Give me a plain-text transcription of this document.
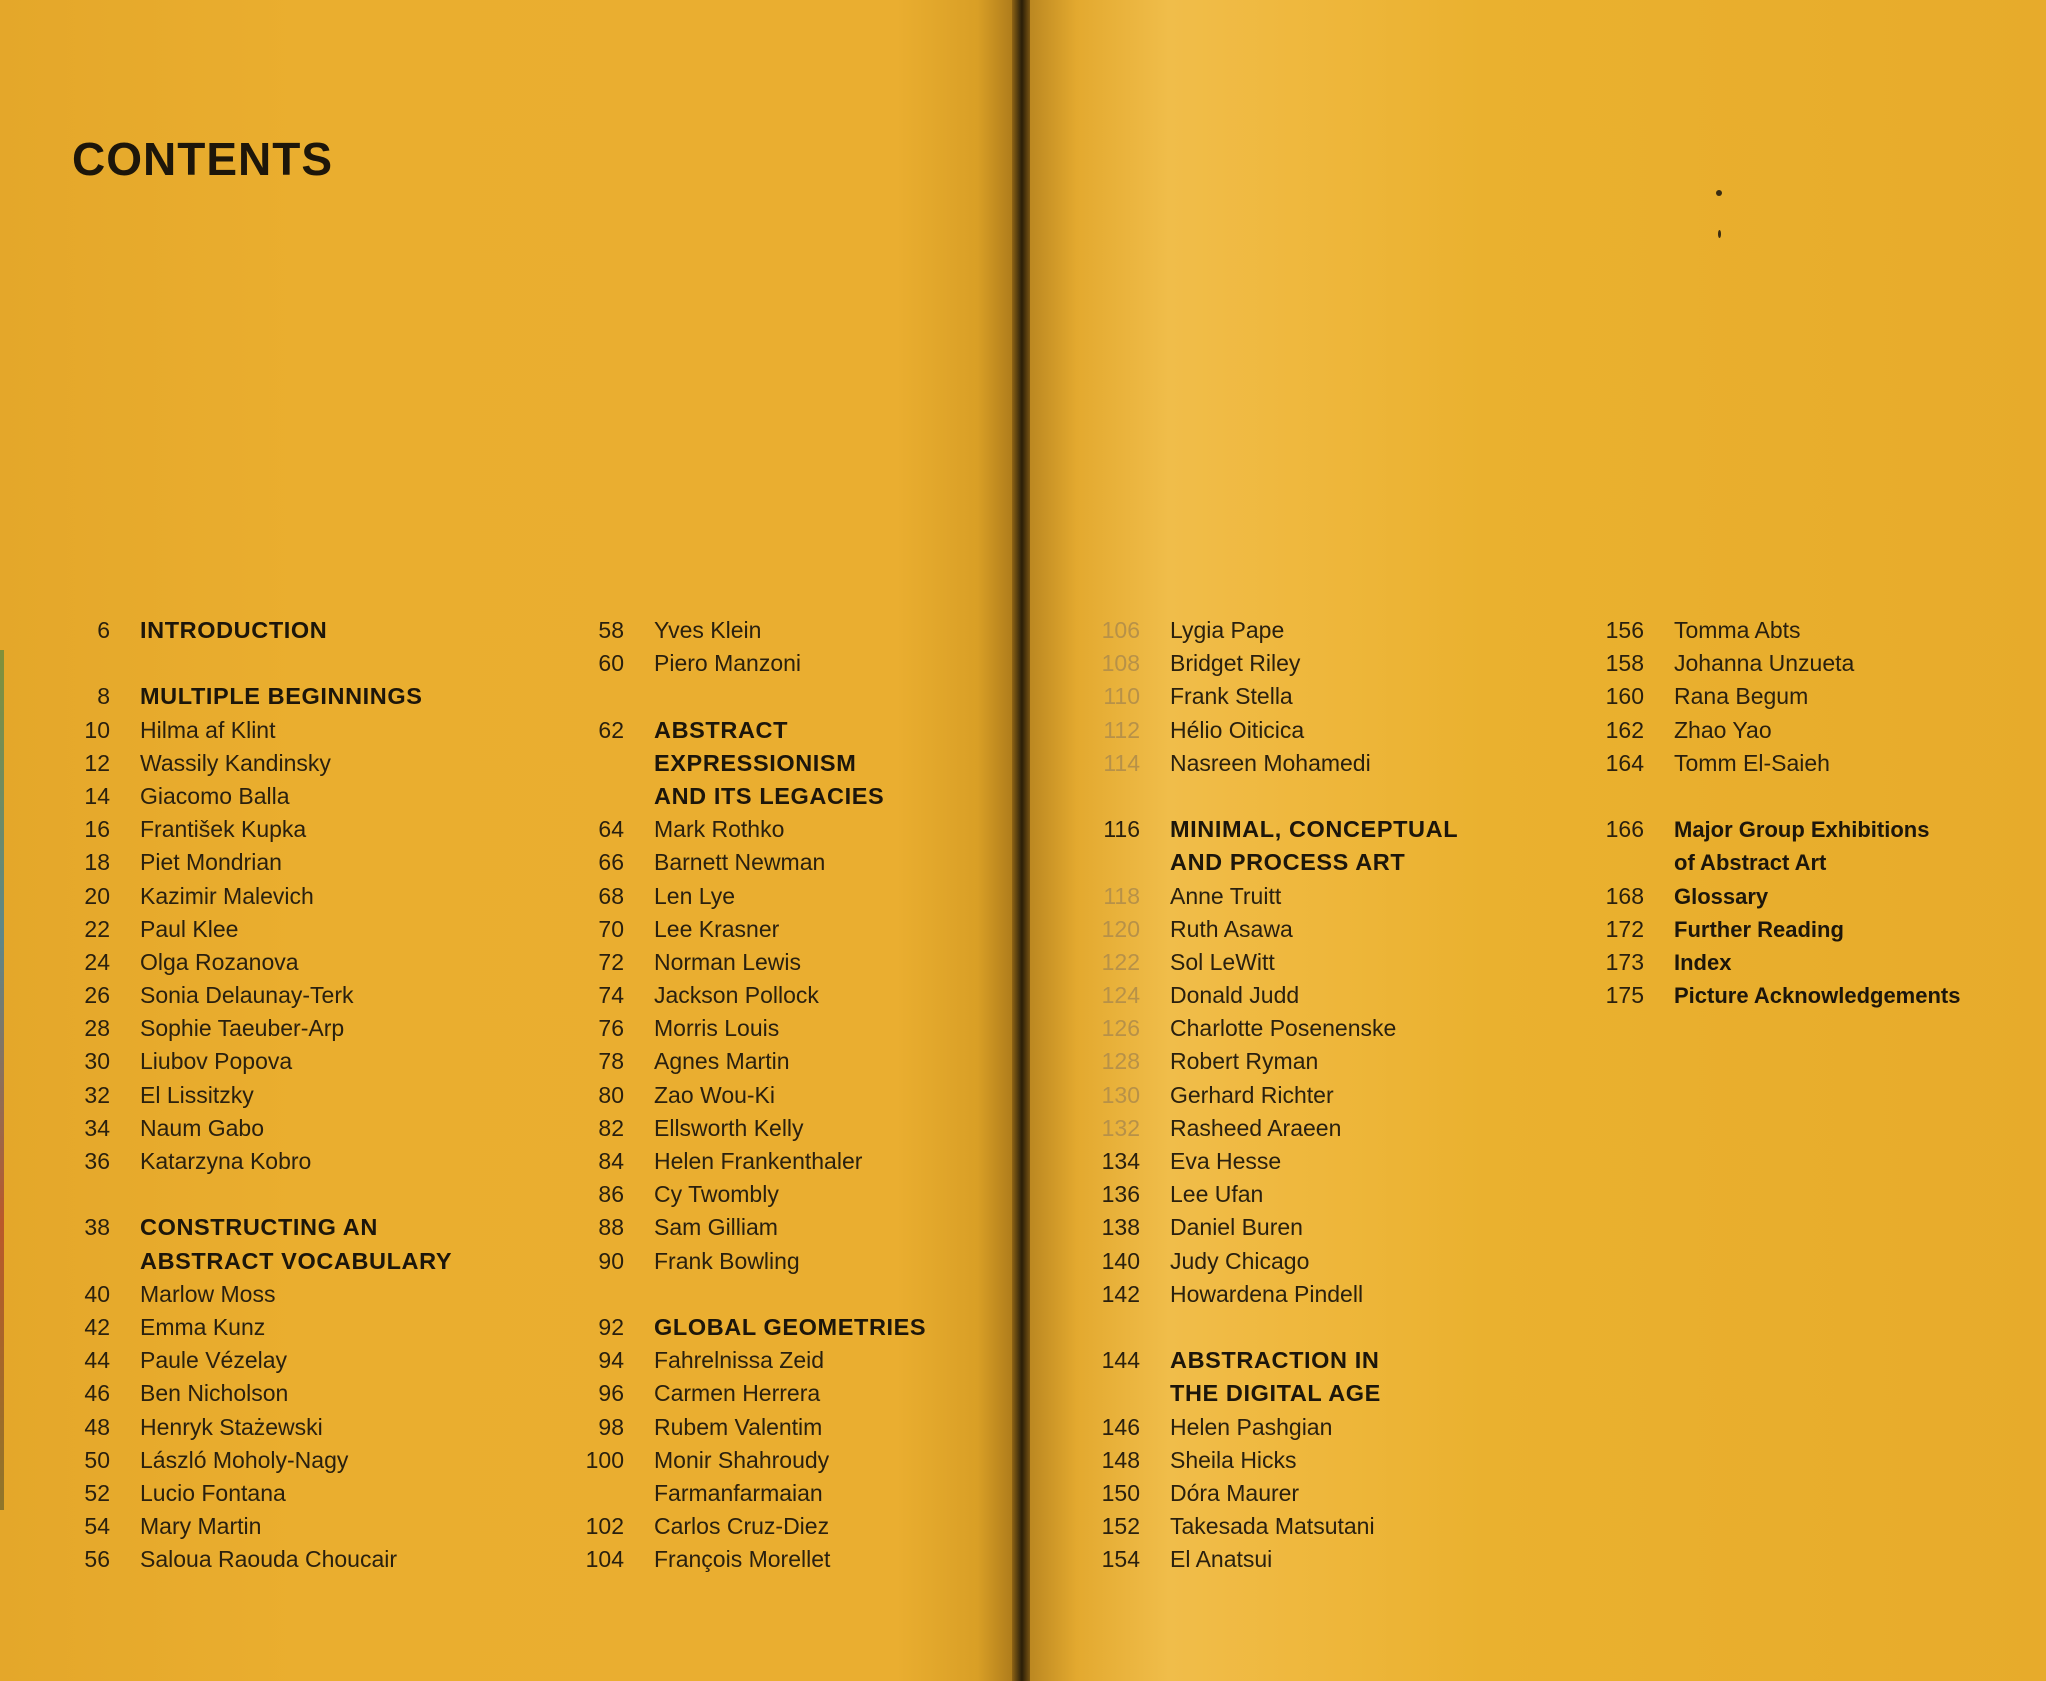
CONTENTS
6 INTRODUCTION
8 MULTIPLE BEGINNINGS
10 Hilma af Klint
12 Wassily Kandinsky
14 Giacomo Balla
16 František Kupka
18 Piet Mondrian
20 Kazimir Malevich
22 Paul Klee
24 Olga Rozanova
26 Sonia Delaunay-Terk
28 Sophie Taeuber-Arp
30 Liubov Popova
32 El Lissitzky
34 Naum Gabo
36 Katarzyna Kobro
38 CONSTRUCTING AN
ABSTRACT VOCABULARY
40 Marlow Moss
42 Emma Kunz
44 Paule Vézelay
46 Ben Nicholson
48 Henryk Stażewski
50 László Moholy-Nagy
52 Lucio Fontana
54 Mary Martin
56 Saloua Raouda Choucair
58 Yves Klein
60 Piero Manzoni
62 ABSTRACT
EXPRESSIONISM
AND ITS LEGACIES
64 Mark Rothko
66 Barnett Newman
68 Len Lye
70 Lee Krasner
72 Norman Lewis
74 Jackson Pollock
76 Morris Louis
78 Agnes Martin
80 Zao Wou-Ki
82 Ellsworth Kelly
84 Helen Frankenthaler
86 Cy Twombly
88 Sam Gilliam
90 Frank Bowling
92 GLOBAL GEOMETRIES
94 Fahrelnissa Zeid
96 Carmen Herrera
98 Rubem Valentim
100 Monir Shahroudy
Farmanfarmaian
102 Carlos Cruz-Diez
104 François Morellet
106 Lygia Pape
108 Bridget Riley
110 Frank Stella
112 Hélio Oiticica
114 Nasreen Mohamedi
116 MINIMAL, CONCEPTUAL
AND PROCESS ART
118 Anne Truitt
120 Ruth Asawa
122 Sol LeWitt
124 Donald Judd
126 Charlotte Posenenske
128 Robert Ryman
130 Gerhard Richter
132 Rasheed Araeen
134 Eva Hesse
136 Lee Ufan
138 Daniel Buren
140 Judy Chicago
142 Howardena Pindell
144 ABSTRACTION IN
THE DIGITAL AGE
146 Helen Pashgian
148 Sheila Hicks
150 Dóra Maurer
152 Takesada Matsutani
154 El Anatsui
156 Tomma Abts
158 Johanna Unzueta
160 Rana Begum
162 Zhao Yao
164 Tomm El-Saieh
166 Major Group Exhibitions
of Abstract Art
168 Glossary
172 Further Reading
173 Index
175 Picture Acknowledgements
